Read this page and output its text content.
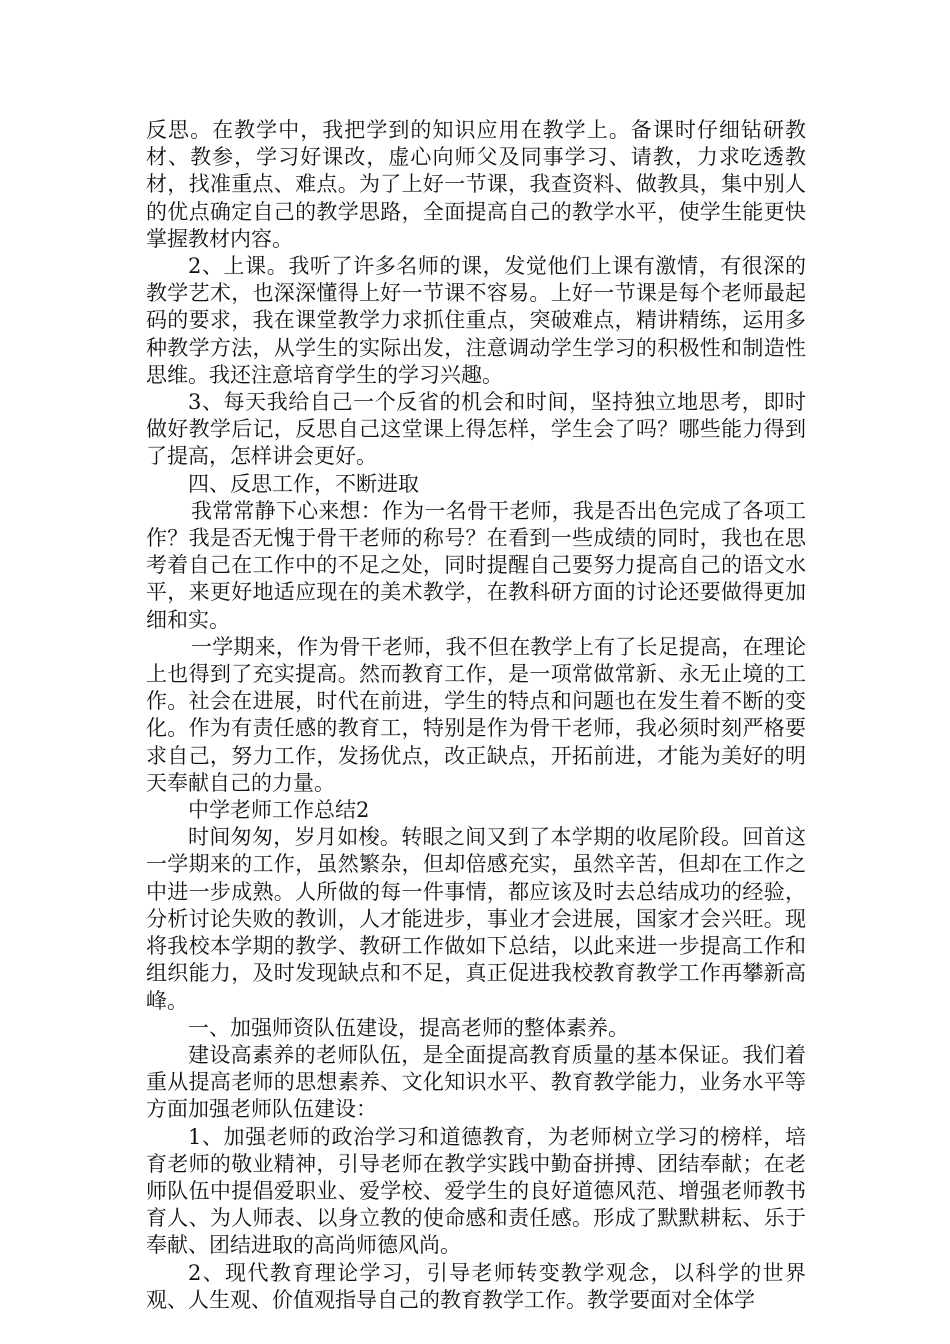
反思。在教学中，我把学到的知识应用在教学上。备课时仔细钻研教材、教参，学习好课改，虚心向师父及同事学习、请教，力求吃透教材，找准重点、难点。为了上好一节课，我查资料、做教具，集中别人的优点确定自己的教学思路，全面提高自己的教学水平，使学生能更快掌握教材内容。

2、上课。我听了许多名师的课，发觉他们上课有激情，有很深的教学艺术，也深深懂得上好一节课不容易。上好一节课是每个老师最起码的要求，我在课堂教学力求抓住重点，突破难点，精讲精练，运用多种教学方法，从学生的实际出发，注意调动学生学习的积极性和制造性思维。我还注意培育学生的学习兴趣。

3、每天我给自己一个反省的机会和时间，坚持独立地思考，即时做好教学后记，反思自己这堂课上得怎样，学生会了吗？哪些能力得到了提高，怎样讲会更好。

四、反思工作，不断进取

我常常静下心来想：作为一名骨干老师，我是否出色完成了各项工作？我是否无愧于骨干老师的称号？在看到一些成绩的同时，我也在思考着自己在工作中的不足之处，同时提醒自己要努力提高自己的语文水平，来更好地适应现在的美术教学，在教科研方面的讨论还要做得更加细和实。

一学期来，作为骨干老师，我不但在教学上有了长足提高，在理论上也得到了充实提高。然而教育工作，是一项常做常新、永无止境的工作。社会在进展，时代在前进，学生的特点和问题也在发生着不断的变化。作为有责任感的教育工，特别是作为骨干老师，我必须时刻严格要求自己，努力工作，发扬优点，改正缺点，开拓前进，才能为美好的明天奉献自己的力量。

中学老师工作总结2

时间匆匆，岁月如梭。转眼之间又到了本学期的收尾阶段。回首这一学期来的工作，虽然繁杂，但却倍感充实，虽然辛苦，但却在工作之中进一步成熟。人所做的每一件事情，都应该及时去总结成功的经验，分析讨论失败的教训，人才能进步，事业才会进展，国家才会兴旺。现将我校本学期的教学、教研工作做如下总结，以此来进一步提高工作和组织能力，及时发现缺点和不足，真正促进我校教育教学工作再攀新高峰。

一、加强师资队伍建设，提高老师的整体素养。

建设高素养的老师队伍，是全面提高教育质量的基本保证。我们着重从提高老师的思想素养、文化知识水平、教育教学能力，业务水平等方面加强老师队伍建设：

1、加强老师的政治学习和道德教育，为老师树立学习的榜样，培育老师的敬业精神，引导老师在教学实践中勤奋拼搏、团结奉献；在老师队伍中提倡爱职业、爱学校、爱学生的良好道德风范、增强老师教书育人、为人师表、以身立教的使命感和责任感。形成了默默耕耘、乐于奉献、团结进取的高尚师德风尚。

2、现代教育理论学习，引导老师转变教学观念，以科学的世界观、人生观、价值观指导自己的教育教学工作。教学要面对全体学
